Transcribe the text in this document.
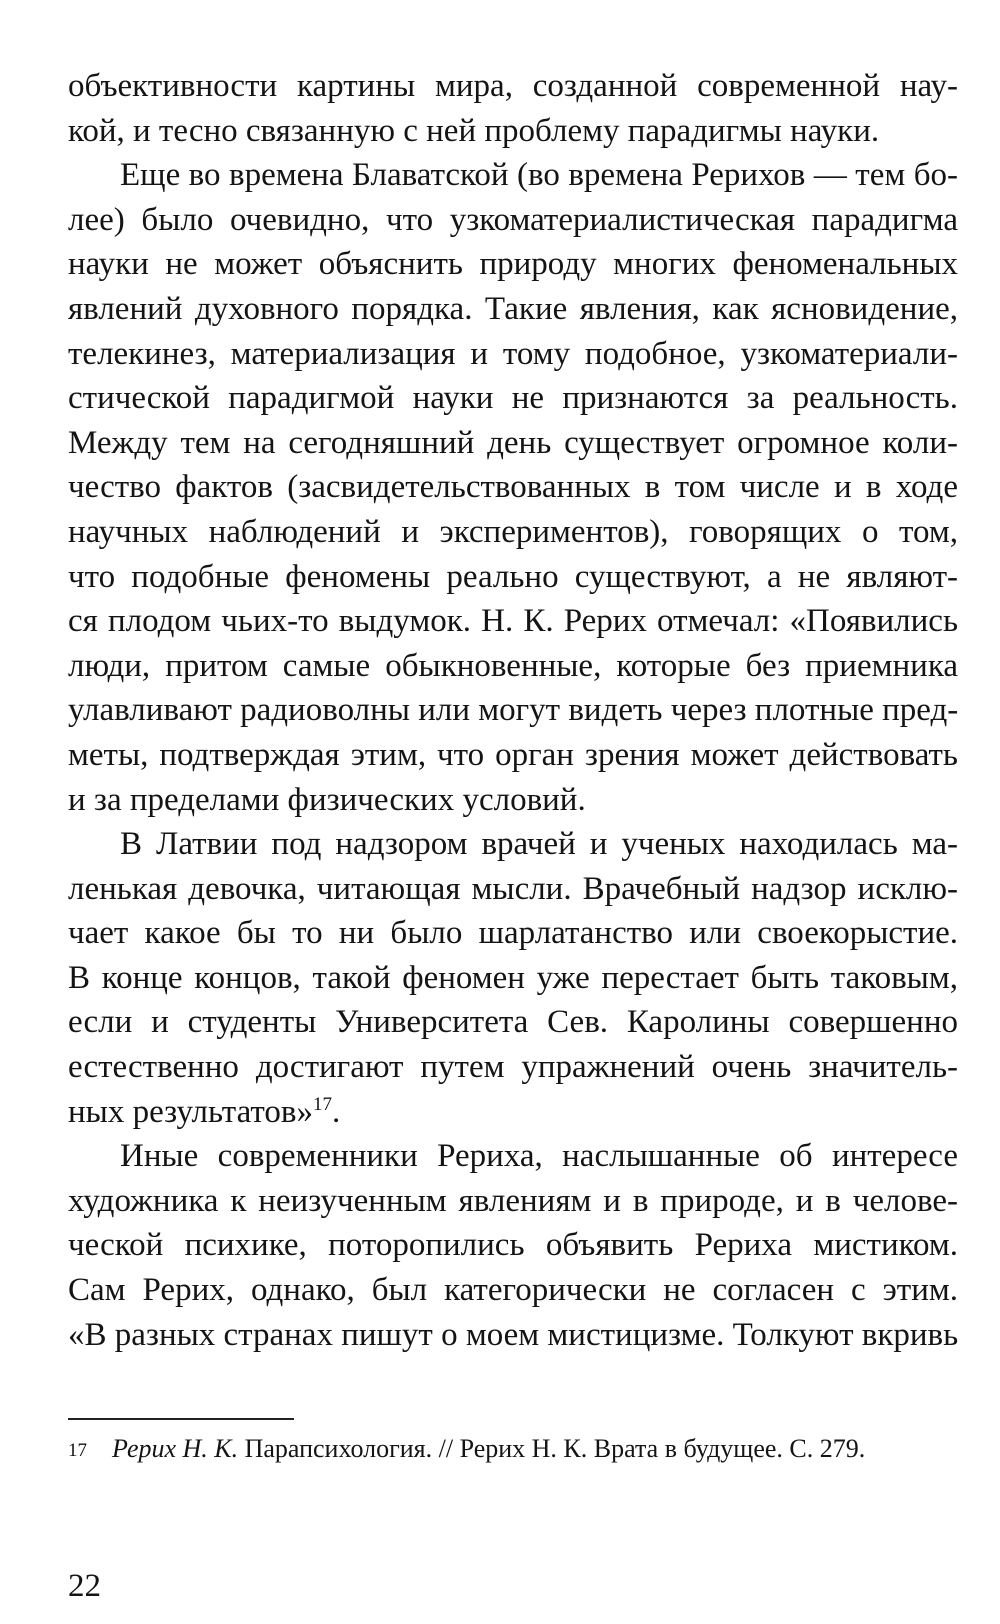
объективности картины мира, созданной современной нау-
кой, и тесно связанную с ней проблему парадигмы науки.

Еще во времена Блаватской (во времена Рерихов — тем бо-
лее) было очевидно, что узкоматериалистическая парадигма
науки не может объяснить природу многих феноменальных
явлений духовного порядка. Такие явления, как ясновидение,
телекинез, материализация и тому подобное, узкоматериали-
стической парадигмой науки не признаются за реальность.
Между тем на сегодняшний день существует огромное коли-
чество фактов (засвидетельствованных в том числе и в ходе
научных наблюдений и экспериментов), говорящих о том,
что подобные феномены реально существуют, а не являют-
ся плодом чьих-то выдумок. Н. К. Рерих отмечал: «Появились
люди, притом самые обыкновенные, которые без приемника
улавливают радиоволны или могут видеть через плотные пред-
меты, подтверждая этим, что орган зрения может действовать
и за пределами физических условий.

В Латвии под надзором врачей и ученых находилась ма-
ленькая девочка, читающая мысли. Врачебный надзор исклю-
чает какое бы то ни было шарлатанство или своекорыстие.
В конце концов, такой феномен уже перестает быть таковым,
если и студенты Университета Сев. Каролины совершенно
естественно достигают путем упражнений очень значитель-
ных результатов»$^{17}$.

Иные современники Рериха, наслышанные об интересе
художника к неизученным явлениям и в природе, и в челове-
ческой психике, поторопились объявить Рериха мистиком.
Сам Рерих, однако, был категорически не согласен с этим.
«В разных странах пишут о моем мистицизме. Толкуют вкривь

17 Рерих Н. К. Парапсихология. // Рерих Н. К. Врата в будущее. С. 279.
22
